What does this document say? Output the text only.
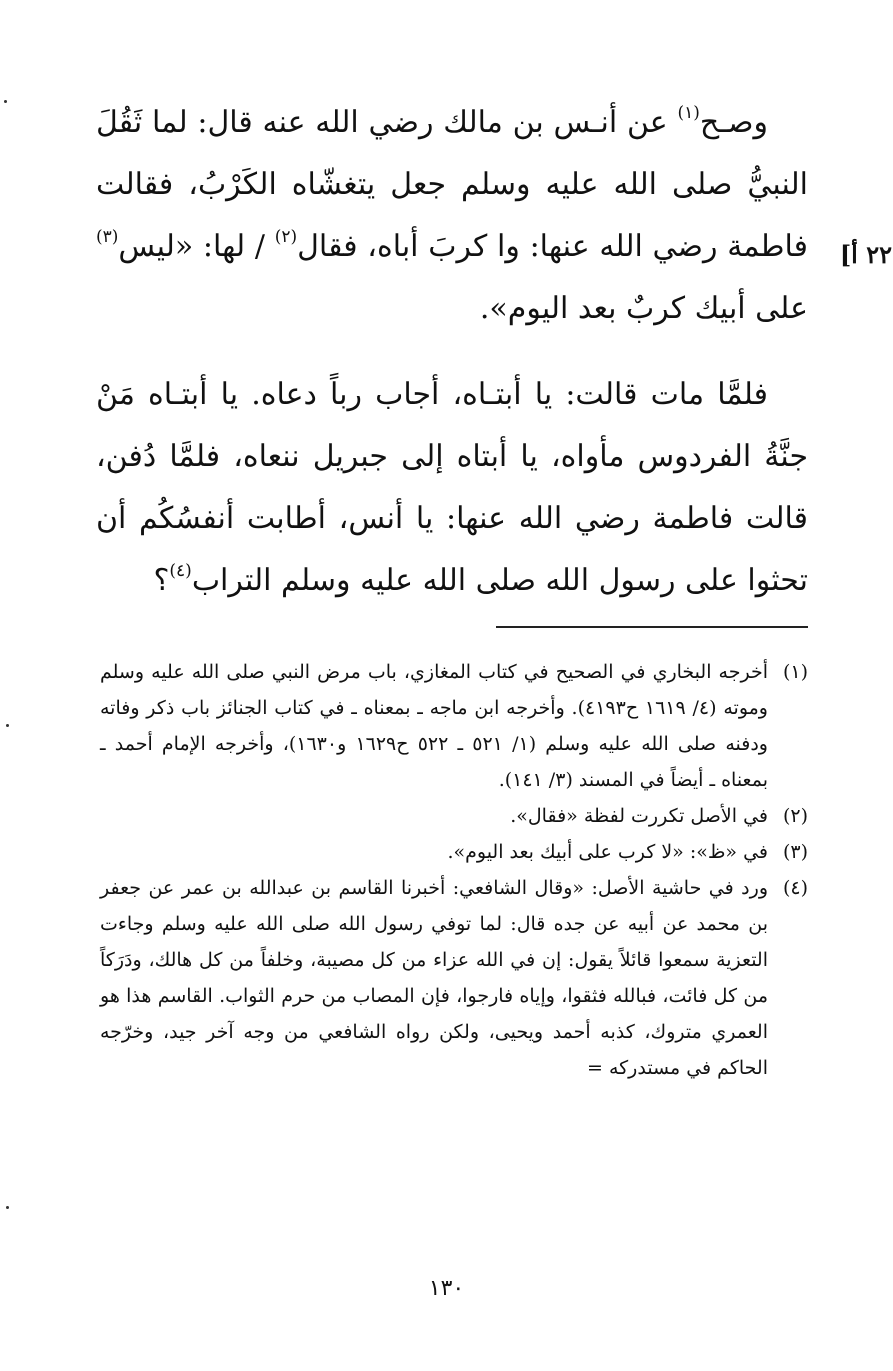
٢٢ أ]

وصـح$^{(١)}$ عن أنـس بن مالك رضي الله عنه قال: لما ثَقُلَ النبيُّ صلى الله عليه وسلم جعل يتغشّاه الكَرْبُ، فقالت فاطمة رضي الله عنها: وا كربَ أباه، فقال$^{(٢)}$ / لها: «ليس$^{(٣)}$ على أبيك كربٌ بعد اليوم».

فلمَّا مات قالت: يا أبتـاه، أجاب رباً دعاه. يا أبتـاه مَنْ جنَّةُ الفردوس مأواه، يا أبتاه إلى جبريل ننعاه، فلمَّا دُفن، قالت فاطمة رضي الله عنها: يا أنس، أطابت أنفسُكُم أن تحثوا على رسول الله صلى الله عليه وسلم التراب$^{(٤)}$؟

(١)
أخرجه البخاري في الصحيح في كتاب المغازي، باب مرض النبي صلى الله عليه وسلم وموته (٤/ ١٦١٩ ح٤١٩٣). وأخرجه ابن ماجه ـ بمعناه ـ في كتاب الجنائز باب ذكر وفاته ودفنه صلى الله عليه وسلم (١/ ٥٢١ ـ ٥٢٢ ح١٦٢٩ و١٦٣٠)، وأخرجه الإمام أحمد ـ بمعناه ـ أيضاً في المسند (٣/ ١٤١).

(٢)
في الأصل تكررت لفظة «فقال».

(٣)
في «ظ»: «لا كرب على أبيك بعد اليوم».

(٤)
ورد في حاشية الأصل: «وقال الشافعي: أخبرنا القاسم بن عبدالله بن عمر عن جعفر بن محمد عن أبيه عن جده قال: لما توفي رسول الله صلى الله عليه وسلم وجاءت التعزية سمعوا قائلاً يقول: إن في الله عزاء من كل مصيبة، وخلفاً من كل هالك، ودَرَكاً من كل فائت، فبالله فثقوا، وإياه فارجوا، فإن المصاب من حرم الثواب. القاسم هذا هو العمري متروك، كذبه أحمد ويحيى، ولكن رواه الشافعي من وجه آخر جيد، وخرّجه الحاكم في مستدركه =

١٣٠
